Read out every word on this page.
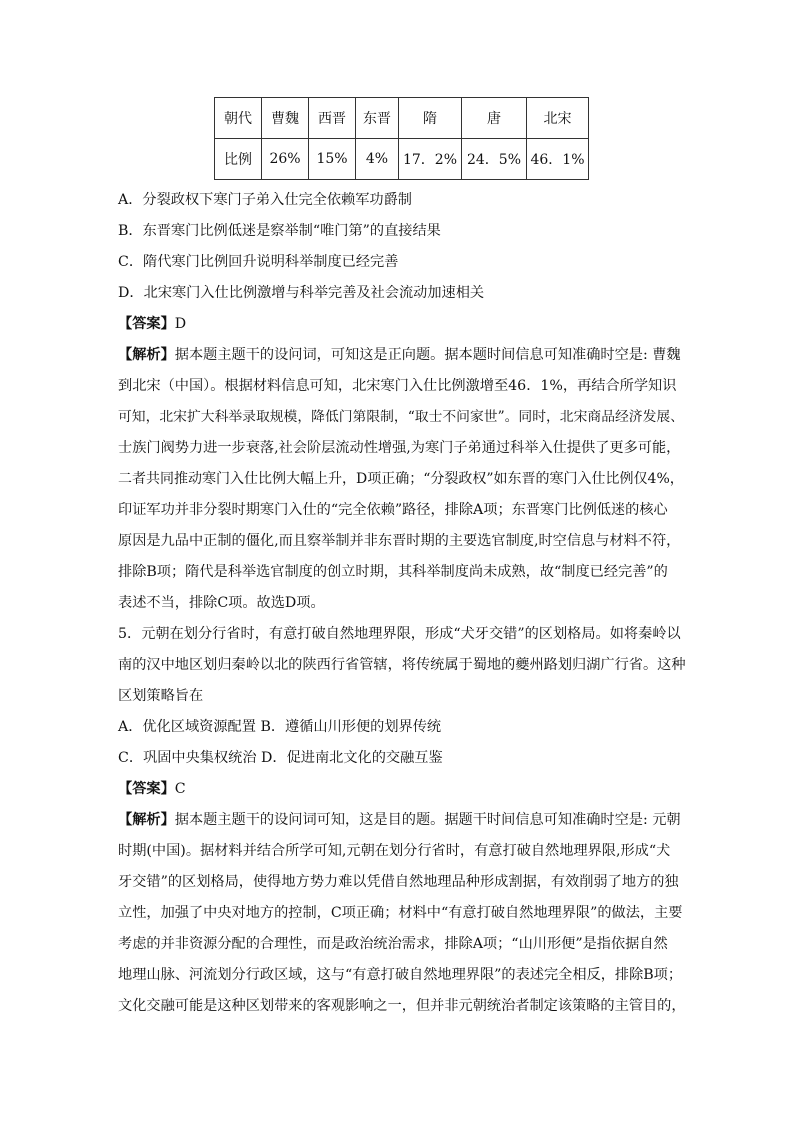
朝代	曹魏	西晋	东晋	隋	唐	北宋
比例	26%	15%	4%	17．2%	24．5%	46．1%
A．分裂政权下寒门子弟入仕完全依赖军功爵制
B．东晋寒门比例低迷是察举制“唯门第”的直接结果
C．隋代寒门比例回升说明科举制度已经完善
D．北宋寒门入仕比例激增与科举完善及社会流动加速相关
【答案】D
【解析】据本题主题干的设问词，可知这是正向题。据本题时间信息可知准确时空是: 曹魏
到北宋（中国）。根据材料信息可知，北宋寒门入仕比例激增至46．1%，再结合所学知识
可知，北宋扩大科举录取规模，降低门第限制，“取士不问家世”。同时，北宋商品经济发展、
士族门阀势力进一步衰落,社会阶层流动性增强,为寒门子弟通过科举入仕提供了更多可能，
二者共同推动寒门入仕比例大幅上升，D项正确；“分裂政权”如东晋的寒门入仕比例仅4%，
印证军功并非分裂时期寒门入仕的“完全依赖”路径，排除A项；东晋寒门比例低迷的核心
原因是九品中正制的僵化,而且察举制并非东晋时期的主要选官制度,时空信息与材料不符，
排除B项；隋代是科举选官制度的创立时期，其科举制度尚未成熟，故“制度已经完善”的
表述不当，排除C项。故选D项。
5．元朝在划分行省时，有意打破自然地理界限，形成“犬牙交错”的区划格局。如将秦岭以
南的汉中地区划归秦岭以北的陕西行省管辖，将传统属于蜀地的夔州路划归湖广行省。这种
区划策略旨在
A．优化区域资源配置 B．遵循山川形便的划界传统
C．巩固中央集权统治 D．促进南北文化的交融互鉴
【答案】C
【解析】据本题主题干的设问词可知，这是目的题。据题干时间信息可知准确时空是: 元朝
时期(中国)。据材料并结合所学可知,元朝在划分行省时，有意打破自然地理界限,形成“犬
牙交错”的区划格局，使得地方势力难以凭借自然地理品种形成割据，有效削弱了地方的独
立性，加强了中央对地方的控制，C项正确；材料中“有意打破自然地理界限”的做法，主要
考虑的并非资源分配的合理性，而是政治统治需求，排除A项；“山川形便”是指依据自然
地理山脉、河流划分行政区域，这与“有意打破自然地理界限”的表述完全相反，排除B项；
文化交融可能是这种区划带来的客观影响之一，但并非元朝统治者制定该策略的主管目的，
